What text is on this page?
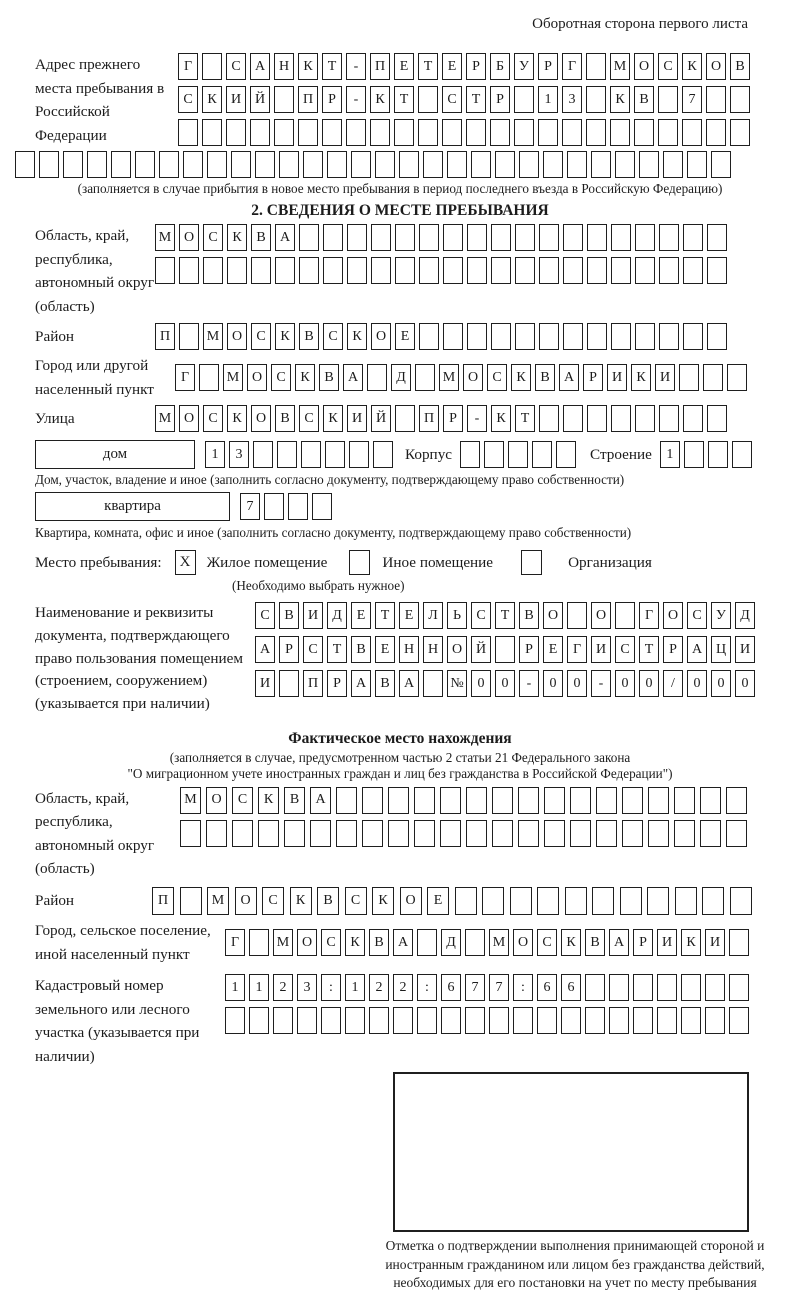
Оборотная сторона первого листа
Адрес прежнего места пребывания в Российской Федерации
Г	С	А Н	К	Т	-	П	Е	Т	Е	Р	Б	У	Р	Г	М О	С	К	О	В
С	К	И Й	П	Р	-	К	Т	С	Т	Р	1	3	К	В	7
(заполняется в случае прибытия в новое место пребывания в период последнего въезда в Российскую Федерацию)
2. СВЕДЕНИЯ О МЕСТЕ ПРЕБЫВАНИЯ
Область, край, республика, автономный округ (область)
М О	С	К	В	А
Район	П	М О	С	К	В	С	К	О	Е
Город или другой населенный пункт
Г	М О	С	К	В	А	Д	М О	С	К	В	А	Р	И	К	И
Улица	М О	С	К	О	В	С	К	И Й	П	Р	-	К	Т
дом	1	3	Корпус	Строение	1
Дом, участок, владение и иное (заполнить согласно документу, подтверждающему право собственности)
квартира	7
Квартира, комната, офис и иное (заполнить согласно документу, подтверждающему право собственности)
Место пребывания:	X	Жилое помещение	Иное помещение	Организация
(Необходимо выбрать нужное)
Наименование и реквизиты документа, подтверждающего право пользования помещением (строением, сооружением) (указывается при наличии)
С	В	И	Д	Е	Т	Е	Л	Ь	С	Т	В	О	О	Г	О	С	У	Д
А	Р	С	Т	В	Е	Н Н О Й	Р	Е	Г	И	С	Т	Р	А Ц И
И	П	Р	А	В	А	№ 0	0	-	0	0	-	0	0	/	0	0	0
Фактическое место нахождения
(заполняется в случае, предусмотренном частью 2 статьи 21 Федерального закона
"О миграционном учете иностранных граждан и лиц без гражданства в Российской Федерации")
Область, край, республика, автономный округ (область)
М	О	С	К	В	А
Район	П	М	О	С	К	В	С	К	О	Е
Город, сельское поселение, иной населенный пункт
Г	М О	С	К	В	А	Д	М О	С	К	В	А	Р	И	К	И
Кадастровый номер земельного или лесного участка (указывается при наличии)
1	1	2	3	:	1	2	2	:	6	7	7	:	6	6
Отметка о подтверждении выполнения принимающей стороной и иностранным гражданином или лицом без гражданства действий, необходимых для его постановки на учет по месту пребывания
